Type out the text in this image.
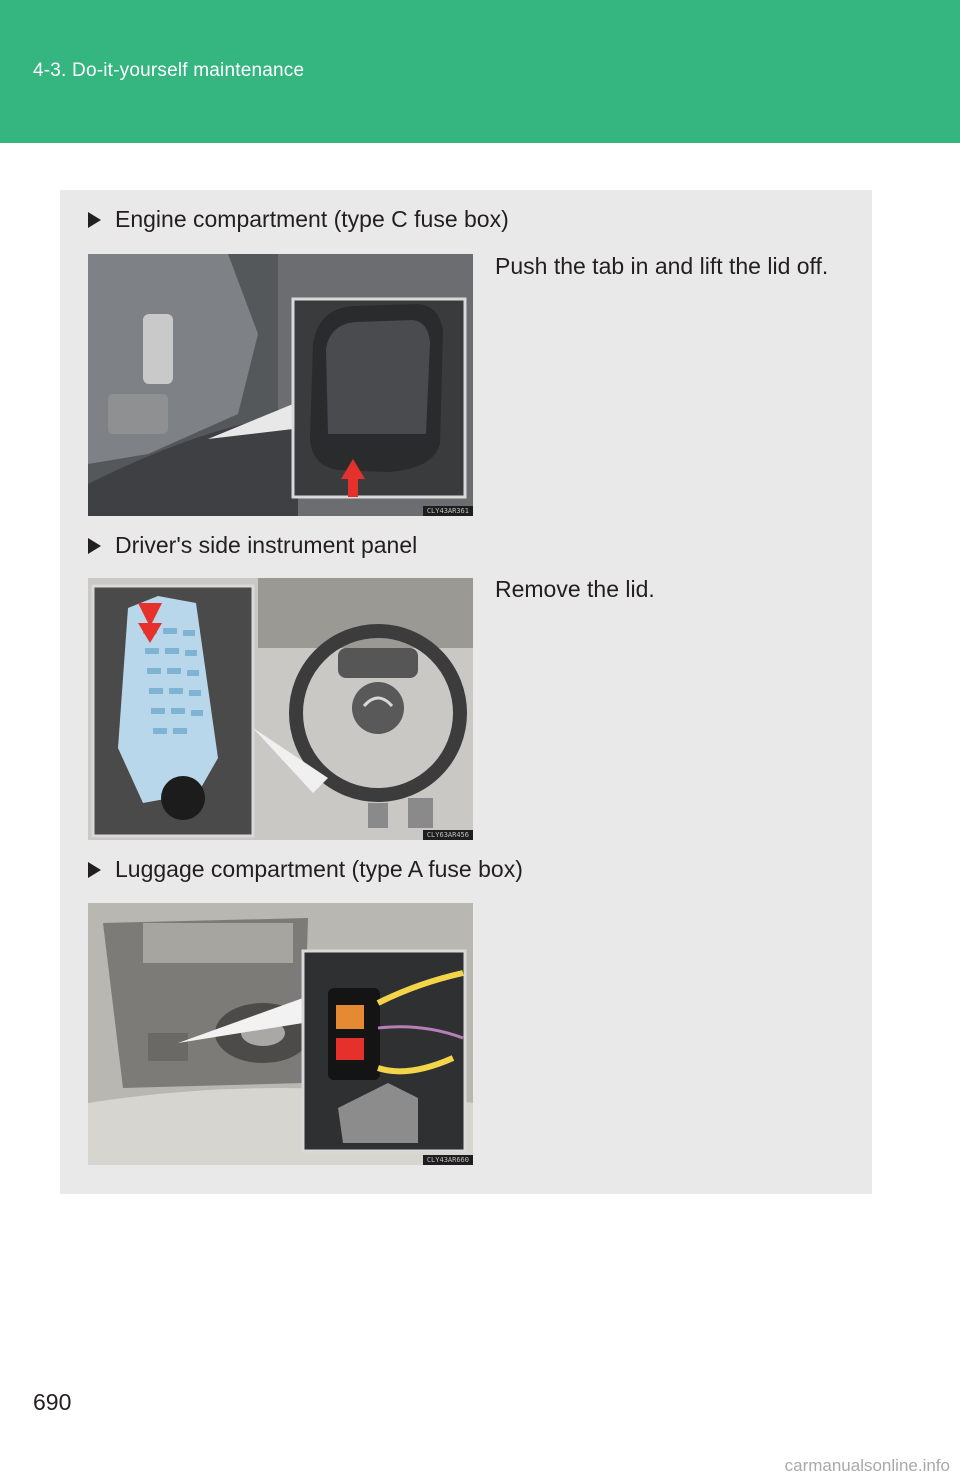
4-3. Do-it-yourself maintenance
Engine compartment (type C fuse box)
Push the tab in and lift the lid off.
CLY43AR361
Driver's side instrument panel
Remove the lid.
CLY63AR456
Luggage compartment (type A fuse box)
CLY43AR660
690
carmanualsonline.info
